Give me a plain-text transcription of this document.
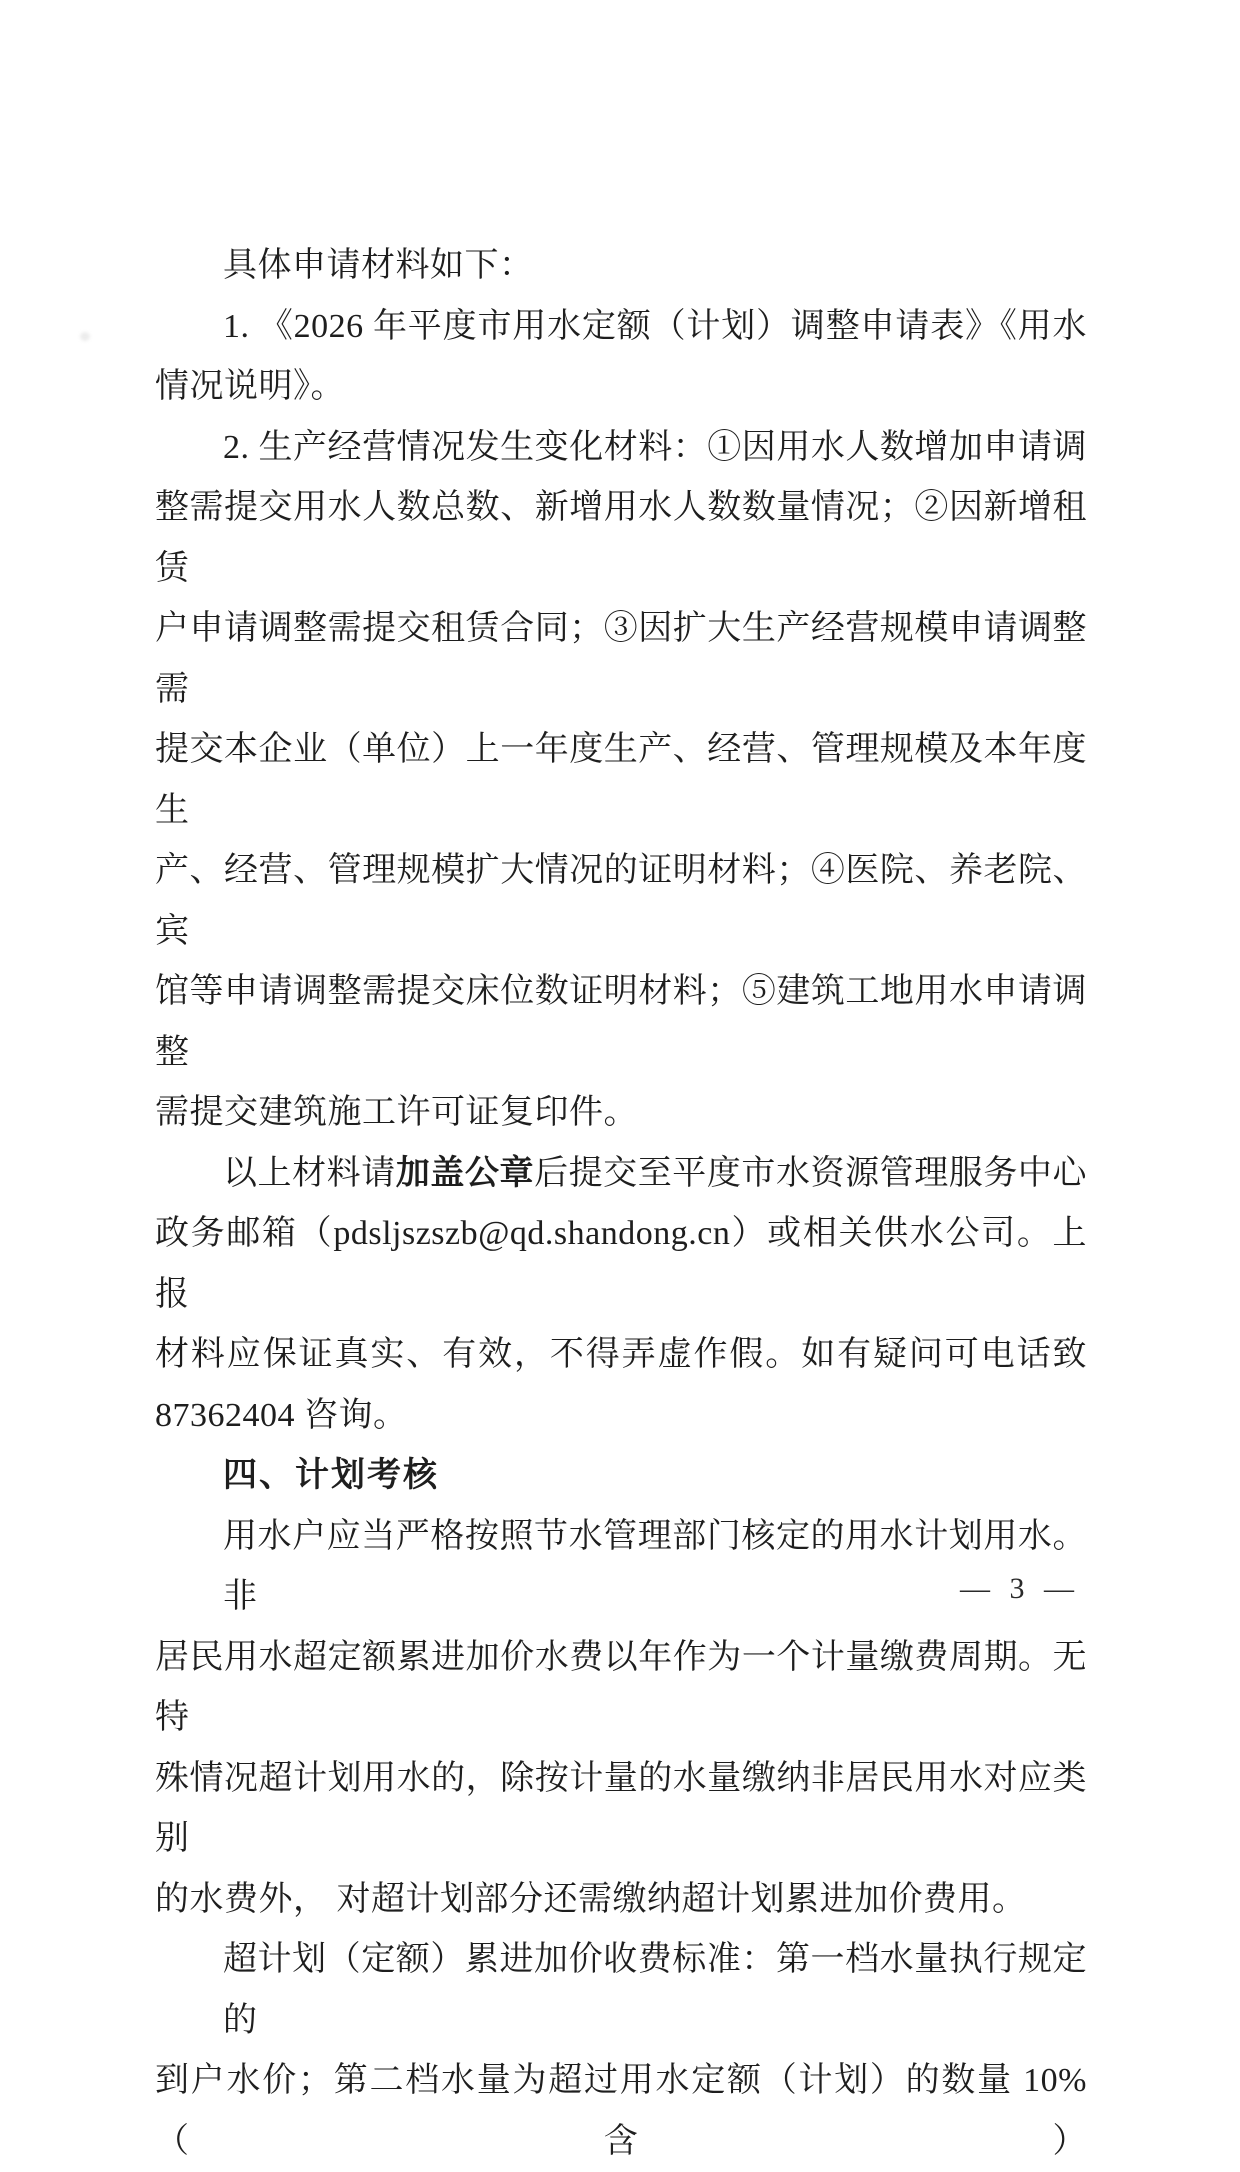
具体申请材料如下：
1. 《2026 年平度市用水定额（计划）调整申请表》《用水
情况说明》。
2. 生产经营情况发生变化材料：①因用水人数增加申请调
整需提交用水人数总数、新增用水人数数量情况；②因新增租赁
户申请调整需提交租赁合同；③因扩大生产经营规模申请调整需
提交本企业（单位）上一年度生产、经营、管理规模及本年度生
产、经营、管理规模扩大情况的证明材料；④医院、养老院、宾
馆等申请调整需提交床位数证明材料；⑤建筑工地用水申请调整
需提交建筑施工许可证复印件。
以上材料请加盖公章后提交至平度市水资源管理服务中心
政务邮箱（pdsljszszb@qd.shandong.cn）或相关供水公司。上报
材料应保证真实、有效，不得弄虚作假。如有疑问可电话致
87362404 咨询。
四、计划考核
用水户应当严格按照节水管理部门核定的用水计划用水。非
居民用水超定额累进加价水费以年作为一个计量缴费周期。无特
殊情况超计划用水的，除按计量的水量缴纳非居民用水对应类别
的水费外， 对超计划部分还需缴纳超计划累进加价费用。
超计划（定额）累进加价收费标准：第一档水量执行规定的
到户水价；第二档水量为超过用水定额（计划）的数量 10%（含）
— 3 —
